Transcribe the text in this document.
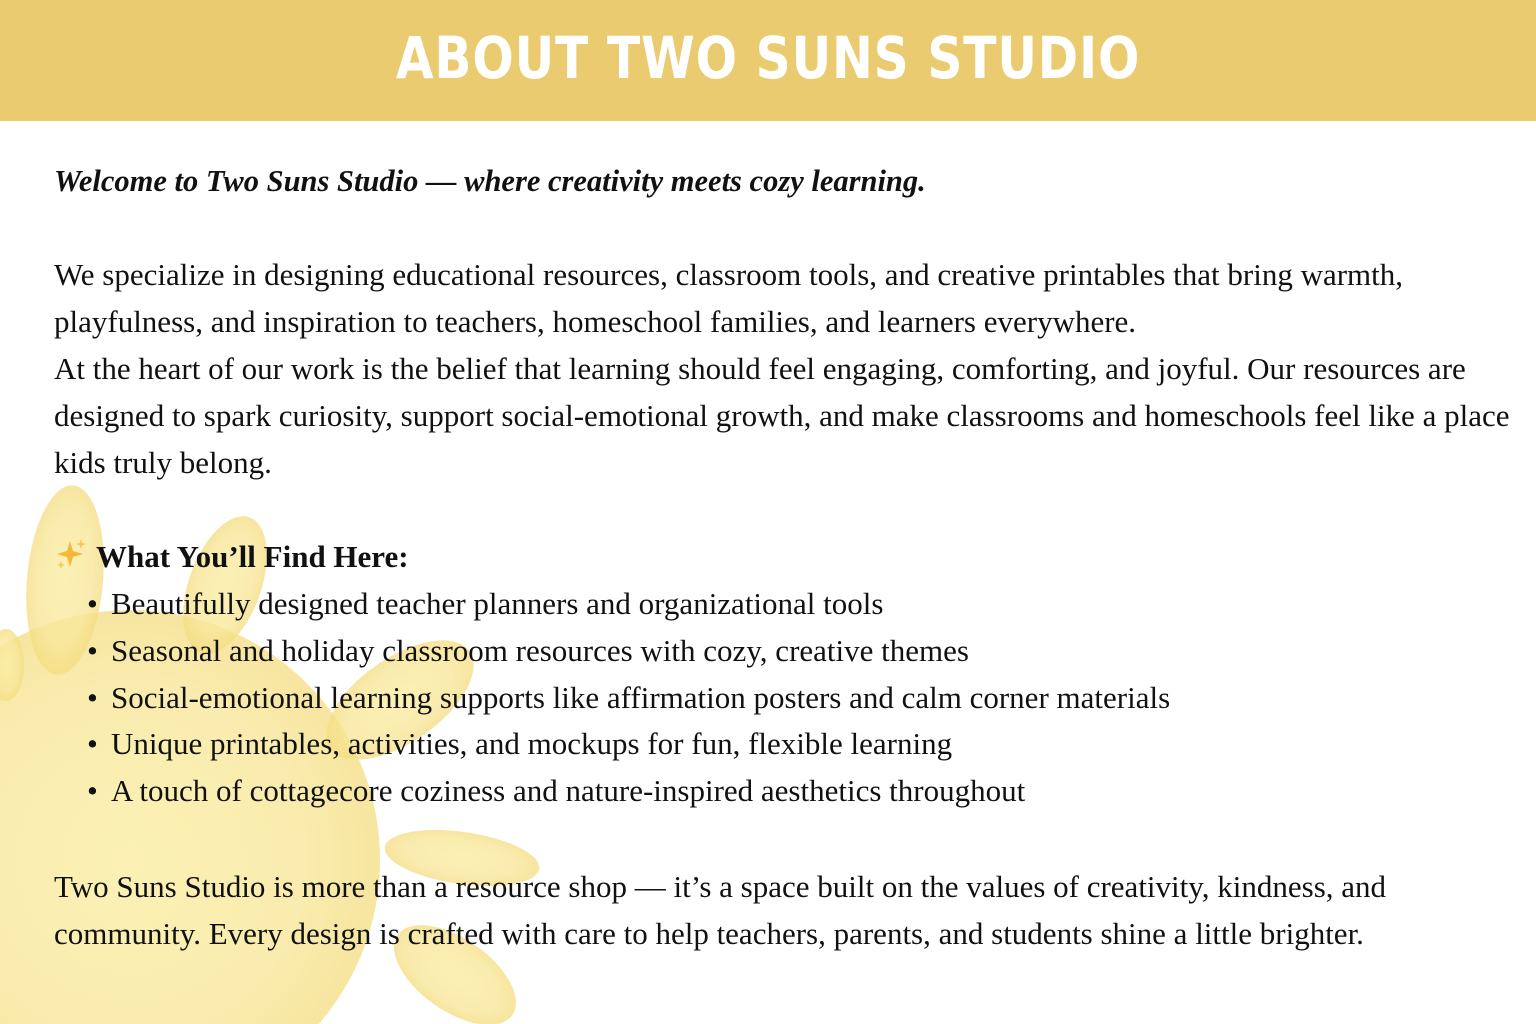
ABOUT TWO SUNS STUDIO
Welcome to Two Suns Studio — where creativity meets cozy learning.

We specialize in designing educational resources, classroom tools, and creative printables that bring warmth, playfulness, and inspiration to teachers, homeschool families, and learners everywhere.

At the heart of our work is the belief that learning should feel engaging, comforting, and joyful. Our resources are designed to spark curiosity, support social-emotional growth, and make classrooms and homeschools feel like a place kids truly belong.

What You’ll Find Here:
• Beautifully designed teacher planners and organizational tools
• Seasonal and holiday classroom resources with cozy, creative themes
• Social-emotional learning supports like affirmation posters and calm corner materials
• Unique printables, activities, and mockups for fun, flexible learning
• A touch of cottagecore coziness and nature-inspired aesthetics throughout

Two Suns Studio is more than a resource shop — it’s a space built on the values of creativity, kindness, and community. Every design is crafted with care to help teachers, parents, and students shine a little brighter.
